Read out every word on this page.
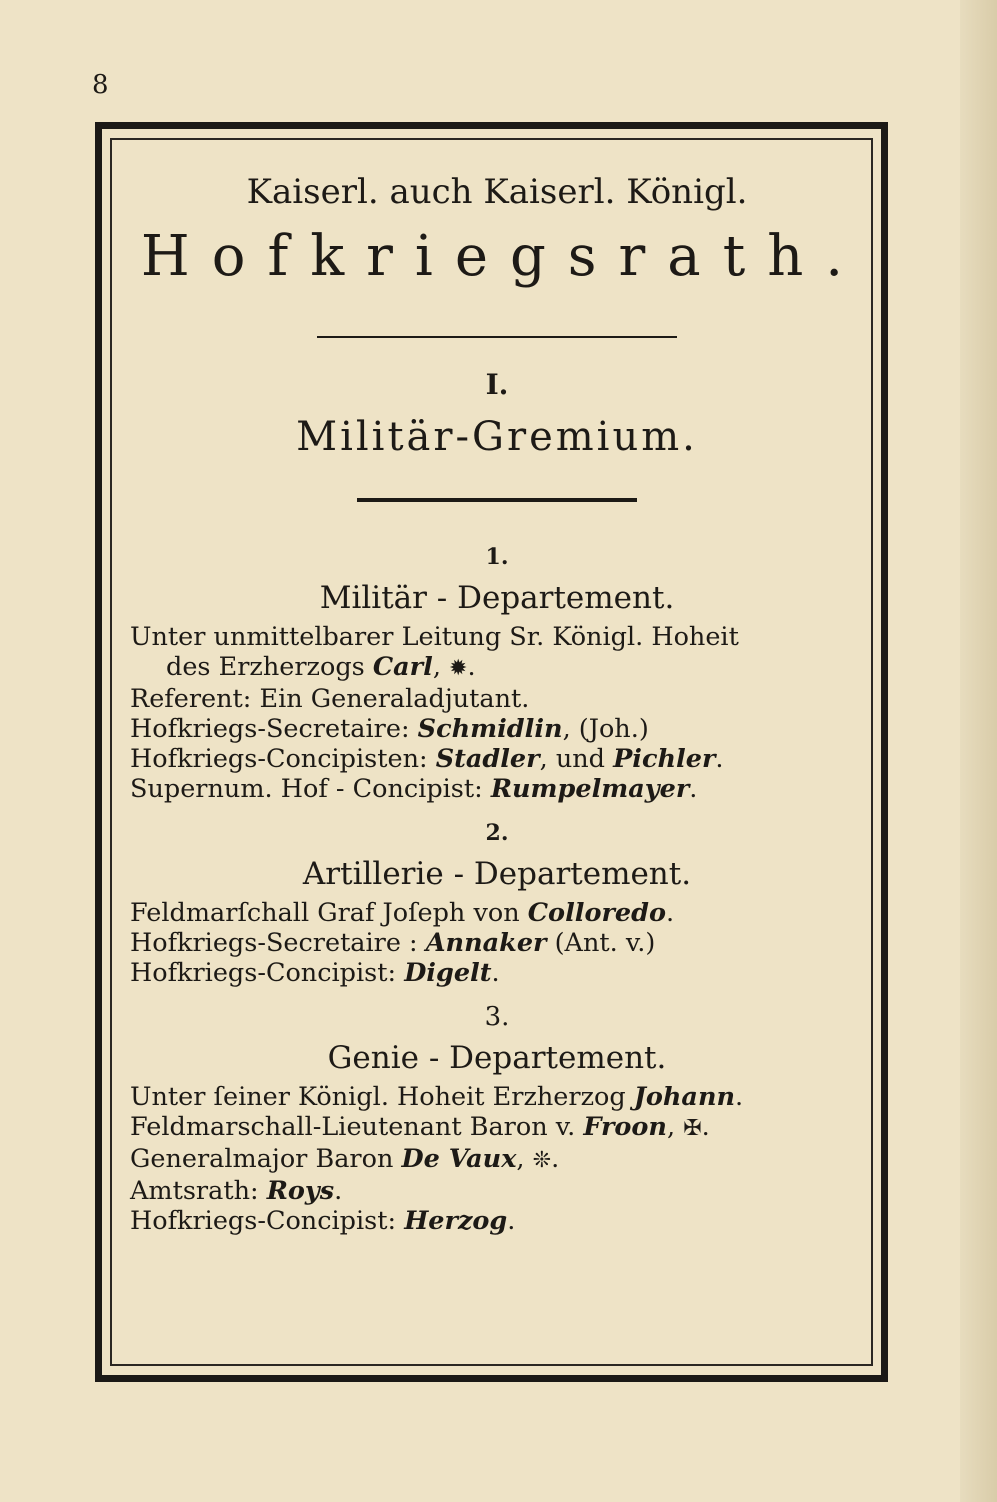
8

Kaiserl. auch Kaiserl. Königl.

Hofkriegsrath.

I.

Militär-Gremium.

1.

Militär - Departement.

Unter unmittelbarer Leitung Sr. Königl. Hoheit

des Erzherzogs Carl, ✹.

Referent: Ein Generaladjutant.

Hofkriegs-Secretaire: Schmidlin, (Joh.)

Hofkriegs-Concipisten: Stadler, und Pichler.

Supernum. Hof - Concipist: Rumpelmayer.

2.

Artillerie - Departement.

Feldmarſchall Graf Joſeph von Colloredo.

Hofkriegs-Secretaire : Annaker (Ant. v.)

Hofkriegs-Concipist: Digelt.

3.

Genie - Departement.

Unter ſeiner Königl. Hoheit Erzherzog Johann.

Feldmarschall-Lieutenant Baron v. Froon, ✠.

Generalmajor Baron De Vaux, ❊.

Amtsrath: Roys.

Hofkriegs-Concipist: Herzog.
